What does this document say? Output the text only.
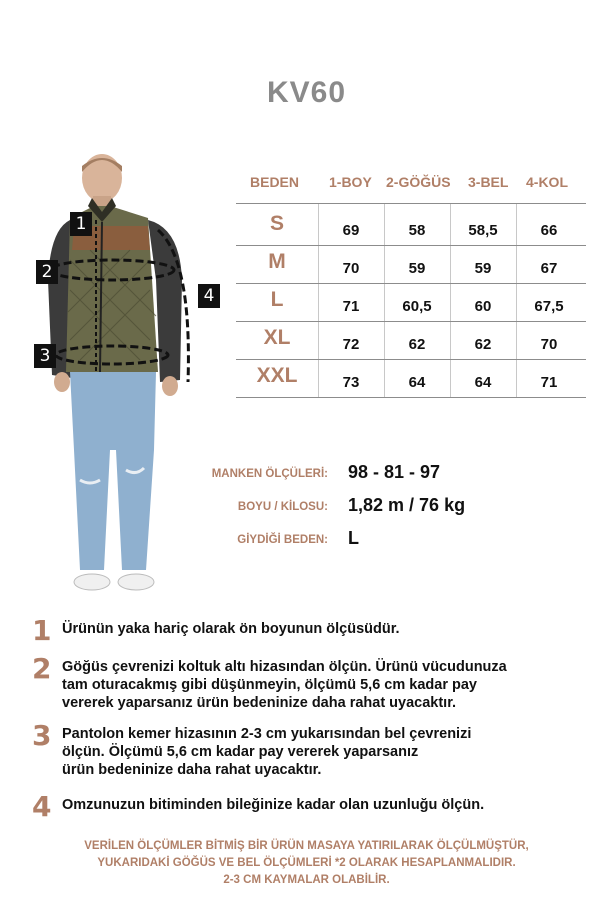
KV60
1
2
3
4
BEDEN 1-BOY 2-GÖĞÜS 3-BEL 4-KOL
S	69	58	58,5	66
M	70	59	59	67
L	71	60,5	60	67,5
XL	72	62	62	70
XXL	73	64	64	71
MANKEN ÖLÇÜLERİ: 98 - 81 - 97
BOYU / KİLOSU: 1,82 m / 76 kg
GİYDİĞİ BEDEN: L
1 Ürünün yaka hariç olarak ön boyunun ölçüsüdür.
2 Göğüs çevrenizi koltuk altı hizasından ölçün. Ürünü vücudunuza
tam oturacakmış gibi düşünmeyin, ölçümü 5,6 cm kadar pay
vererek yaparsanız ürün bedeninize daha rahat uyacaktır.
3 Pantolon kemer hizasının 2-3 cm yukarısından bel çevrenizi
ölçün. Ölçümü 5,6 cm kadar pay vererek yaparsanız
ürün bedeninize daha rahat uyacaktır.
4 Omzunuzun bitiminden bileğinize kadar olan uzunluğu ölçün.
VERİLEN ÖLÇÜMLER BİTMİŞ BİR ÜRÜN MASAYA YATIRILARAK ÖLÇÜLMÜŞTÜR,
YUKARIDAKİ GÖĞÜS VE BEL ÖLÇÜMLERİ *2 OLARAK HESAPLANMALIDIR.
2-3 CM KAYMALAR OLABİLİR.
